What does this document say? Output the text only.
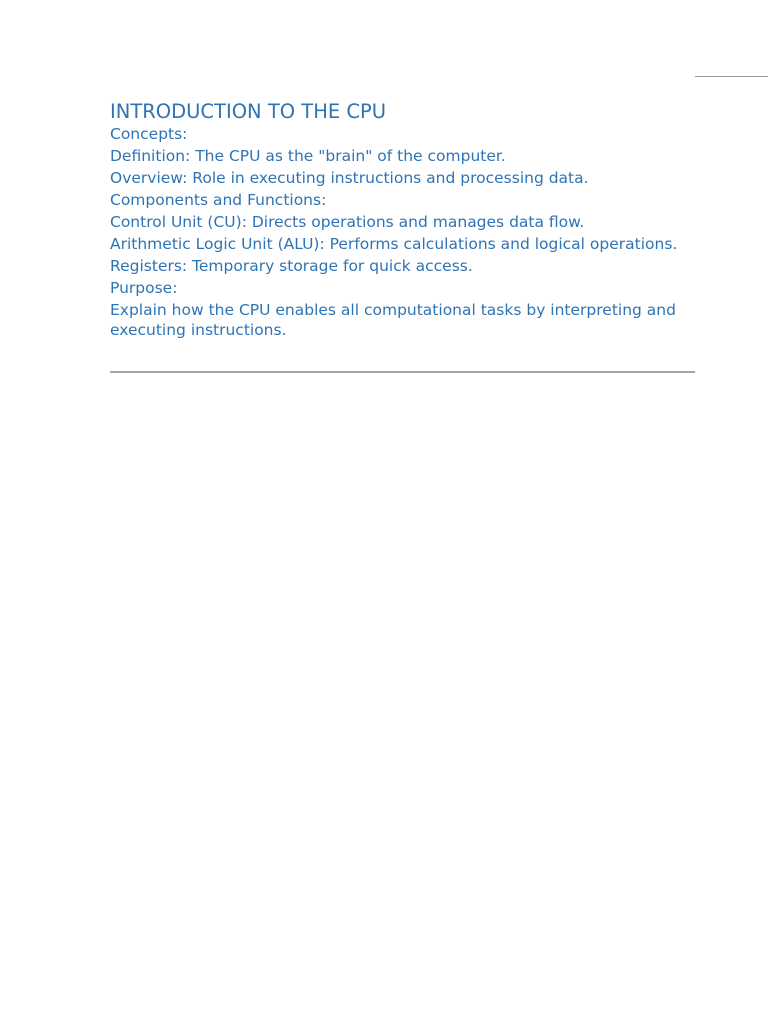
INTRODUCTION TO THE CPU
Concepts:
Definition: The CPU as the "brain" of the computer.
Overview: Role in executing instructions and processing data.
Components and Functions:
Control Unit (CU): Directs operations and manages data flow.
Arithmetic Logic Unit (ALU): Performs calculations and logical operations.
Registers: Temporary storage for quick access.
Purpose:
Explain how the CPU enables all computational tasks by interpreting and executing instructions.
